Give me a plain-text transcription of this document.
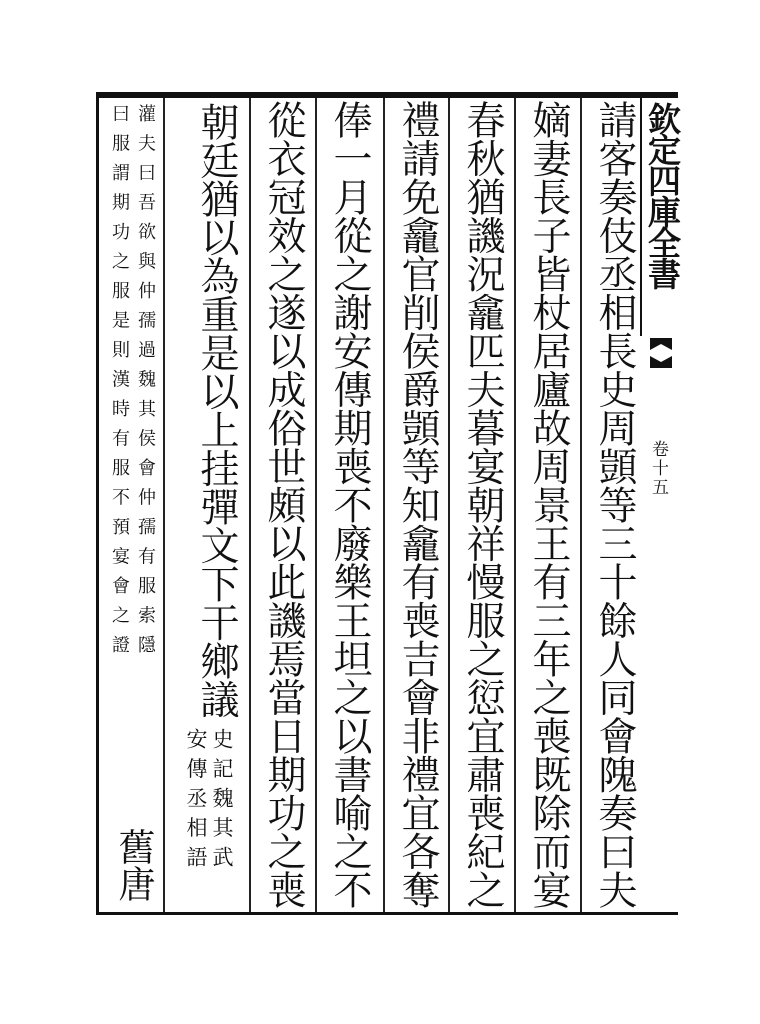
欽定四庫全書
卷十五
請客奏伎丞相長史周顗等三十餘人同會隗奏曰夫
嫡妻長子皆杖居廬故周景王有三年之喪既除而宴
春秋猶譏況龕匹夫暮宴朝祥慢服之愆宜肅喪紀之
禮請免龕官削侯爵顗等知龕有喪吉會非禮宜各奪
俸一月從之謝安傳期喪不廢樂王坦之以書喻之不
從衣冠效之遂以成俗世頗以此譏焉當日期功之喪
朝廷猶以為重是以上挂彈文下干鄉議
史記魏其武
安傳丞相語
灌夫曰吾欲與仲孺過魏其侯會仲孺有服索隱
曰服謂期功之服是則漢時有服不預宴會之證
舊唐
